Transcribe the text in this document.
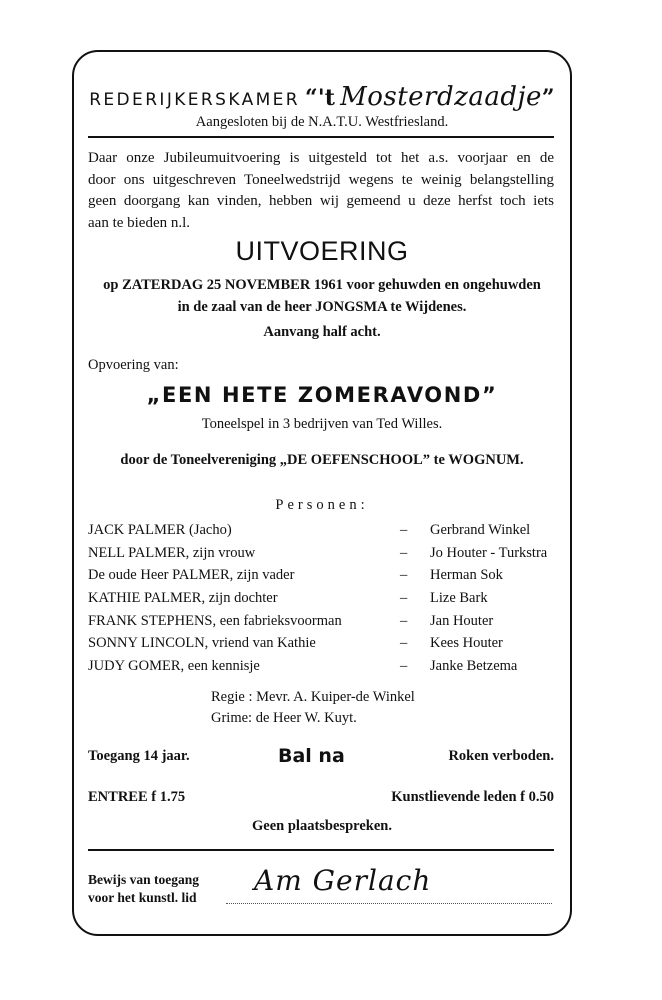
REDERIJKERSKAMER “'t Mosterdzaadje”
Aangesloten bij de N.A.T.U. Westfriesland.
Daar onze Jubileumuitvoering is uitgesteld tot het a.s. voorjaar en de
door ons uitgeschreven Toneelwedstrijd wegens te weinig belangstelling
geen doorgang kan vinden, hebben wij gemeend u deze herfst toch iets
aan te bieden n.l.
UITVOERING
op ZATERDAG 25 NOVEMBER 1961 voor gehuwden en ongehuwden
in de zaal van de heer JONGSMA te Wijdenes.
Aanvang half acht.
Opvoering van:
„EEN HETE ZOMERAVOND”
Toneelspel in 3 bedrijven van Ted Willes.
door de Toneelvereniging „DE OEFENSCHOOL” te WOGNUM.
Personen:
JACK PALMER (Jacho)	– Gerbrand Winkel
NELL PALMER, zijn vrouw	– Jo Houter - Turkstra
De oude Heer PALMER, zijn vader	– Herman Sok
KATHIE PALMER, zijn dochter	– Lize Bark
FRANK STEPHENS, een fabrieksvoorman	– Jan Houter
SONNY LINCOLN, vriend van Kathie	– Kees Houter
JUDY GOMER, een kennisje	– Janke Betzema
Regie : Mevr. A. Kuiper-de Winkel
Grime: de Heer W. Kuyt.
Toegang 14 jaar.	Bal na	Roken verboden.
ENTREE f 1.75	Kunstlievende leden f 0.50
Geen plaatsbespreken.
Bewijs van toegang
voor het kunstl. lid
Am Gerlach
